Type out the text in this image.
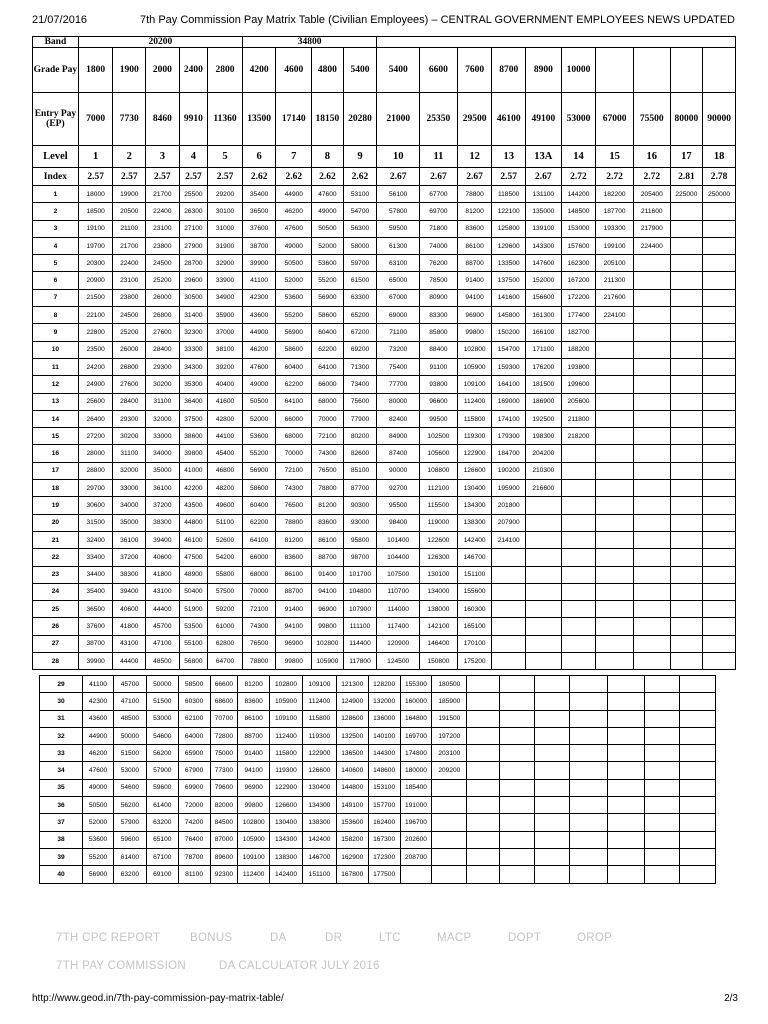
21/07/2016	7th Pay Commission Pay Matrix Table (Civilian Employees) – CENTRAL GOVERNMENT EMPLOYEES NEWS UPDATED
Band	20200					34800													
Grade Pay	1800	1900	2000	2400	2800	4200	4600	4800	5400	5400	6600	7600	8700	8900	10000				
Entry Pay (EP)	7000	7730	8460	9910	11360	13500	17140	18150	20280	21000	25350	29500	46100	49100	53000	67000	75500	80000	90000
Level	1	2	3	4	5	6	7	8	9	10	11	12	13	13A	14	15	16	17	18
Index	2.57	2.57	2.57	2.57	2.57	2.62	2.62	2.62	2.62	2.67	2.67	2.67	2.57	2.67	2.72	2.72	2.72	2.81	2.78
1	18000	19900	21700	25500	29200	35400	44900	47600	53100	56100	67700	78800	118500	131100	144200	182200	205400	225000	250000
2	18500	20500	22400	26300	30100	36500	46200	49000	54700	57800	69700	81200	122100	135000	148500	187700	211600		
3	19100	21100	23100	27100	31000	37600	47600	50500	56300	59500	71800	83600	125800	139100	153000	193300	217900		
4	19700	21700	23800	27900	31900	38700	49000	52000	58000	61300	74000	86100	129600	143300	157600	199100	224400		
5	20300	22400	24500	28700	32900	39900	50500	53600	59700	63100	76200	88700	133500	147600	162300	205100			
6	20900	23100	25200	29600	33900	41100	52000	55200	61500	65000	78500	91400	137500	152000	167200	211300			
7	21500	23800	26000	30500	34900	42300	53600	56900	63300	67000	80900	94100	141600	156600	172200	217600			
8	22100	24500	26800	31400	35900	43600	55200	58600	65200	69000	83300	96900	145800	161300	177400	224100			
9	22800	25200	27600	32300	37000	44900	56900	60400	67200	71100	85800	99800	150200	166100	182700				
10	23500	26000	28400	33300	38100	46200	58600	62200	69200	73200	88400	102800	154700	171100	188200				
11	24200	26800	29300	34300	39200	47600	60400	64100	71300	75400	91100	105900	159300	176200	193800				
12	24900	27600	30200	35300	40400	49000	62200	66000	73400	77700	93800	109100	164100	181500	199600				
13	25600	28400	31100	36400	41600	50500	64100	68000	75600	80000	96600	112400	169000	186900	205600				
14	26400	29300	32000	37500	42800	52000	66000	70000	77900	82400	99500	115800	174100	192500	211800				
15	27200	30200	33000	38600	44100	53600	68000	72100	80200	84900	102500	119300	179300	198300	218200				
16	28000	31100	34000	39800	45400	55200	70000	74300	82600	87400	105600	122900	184700	204200					
17	28800	32000	35000	41000	46800	56900	72100	76500	85100	90000	108800	126600	190200	210300					
18	29700	33000	36100	42200	48200	58600	74300	78800	87700	92700	112100	130400	195900	216600					
19	30600	34000	37200	43500	49600	60400	76500	81200	90300	95500	115500	134300	201800						
20	31500	35000	38300	44800	51100	62200	78800	83600	93000	98400	119000	138300	207900						
21	32400	36100	39400	46100	52600	64100	81200	86100	95800	101400	122600	142400	214100						
22	33400	37200	40600	47500	54200	66000	83600	88700	98700	104400	126300	146700							
23	34400	38300	41800	48900	55800	68000	86100	91400	101700	107500	130100	151100							
24	35400	39400	43100	50400	57500	70000	88700	94100	104800	110700	134000	155600							
25	36500	40600	44400	51900	59200	72100	91400	96900	107900	114000	138000	160300							
26	37600	41800	45700	53500	61000	74300	94100	99800	111100	117400	142100	165100							
27	38700	43100	47100	55100	62800	76500	96900	102800	114400	120900	146400	170100							
28	39900	44400	48500	56800	64700	78800	99800	105900	117800	124500	150800	175200							
29	41100	45700	50000	58500	66600	81200	102800	109100	121300	128200	155300	180500							
30	42300	47100	51500	60300	68600	83600	105900	112400	124900	132000	160000	185900							
31	43600	48500	53000	62100	70700	86100	109100	115800	128600	136000	164800	191500							
32	44900	50000	54600	64000	72800	88700	112400	119300	132500	140100	169700	197200							
33	46200	51500	56200	65900	75000	91400	115800	122900	136500	144300	174800	203100							
34	47600	53000	57900	67900	77300	94100	119300	126600	140600	148600	180000	209200							
35	49000	54600	59600	69900	79600	96900	122900	130400	144800	153100	185400								
36	50500	56200	61400	72000	82000	99800	126600	134300	149100	157700	191000								
37	52000	57900	63200	74200	84500	102800	130400	138300	153600	162400	196700								
38	53600	59600	65100	76400	87000	105900	134300	142400	158200	167300	202600								
39	55200	61400	67100	78700	89600	109100	138300	146700	162900	172300	208700								
40	56900	63200	69100	81100	92300	112400	142400	151100	167800	177500									
7TH CPC REPORT	BONUS	DA	DR	LTC	MACP	DOPT	OROP
7TH PAY COMMISSION	DA CALCULATOR JULY 2016
http://www.geod.in/7th-pay-commission-pay-matrix-table/	2/3
